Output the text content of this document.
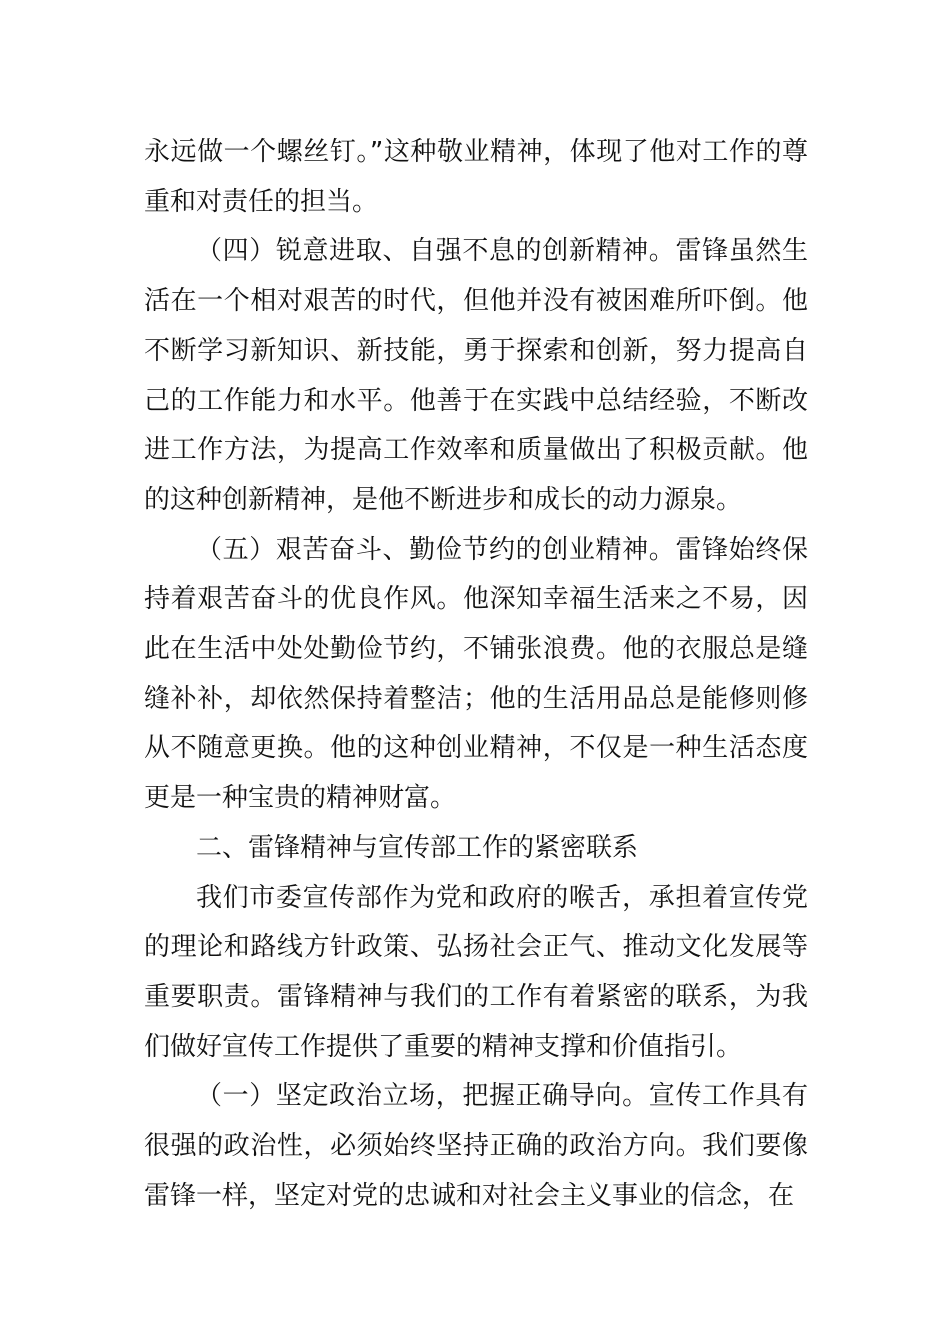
永远做一个螺丝钉。”这种敬业精神，体现了他对工作的尊重和对责任的担当。

（四）锐意进取、自强不息的创新精神。雷锋虽然生活在一个相对艰苦的时代，但他并没有被困难所吓倒。他不断学习新知识、新技能，勇于探索和创新，努力提高自己的工作能力和水平。他善于在实践中总结经验，不断改进工作方法，为提高工作效率和质量做出了积极贡献。他的这种创新精神，是他不断进步和成长的动力源泉。

（五）艰苦奋斗、勤俭节约的创业精神。雷锋始终保持着艰苦奋斗的优良作风。他深知幸福生活来之不易，因此在生活中处处勤俭节约，不铺张浪费。他的衣服总是缝缝补补，却依然保持着整洁；他的生活用品总是能修则修从不随意更换。他的这种创业精神，不仅是一种生活态度更是一种宝贵的精神财富。

二、雷锋精神与宣传部工作的紧密联系

我们市委宣传部作为党和政府的喉舌，承担着宣传党的理论和路线方针政策、弘扬社会正气、推动文化发展等重要职责。雷锋精神与我们的工作有着紧密的联系，为我们做好宣传工作提供了重要的精神支撑和价值指引。

（一）坚定政治立场，把握正确导向。宣传工作具有很强的政治性，必须始终坚持正确的政治方向。我们要像雷锋一样，坚定对党的忠诚和对社会主义事业的信念，在
